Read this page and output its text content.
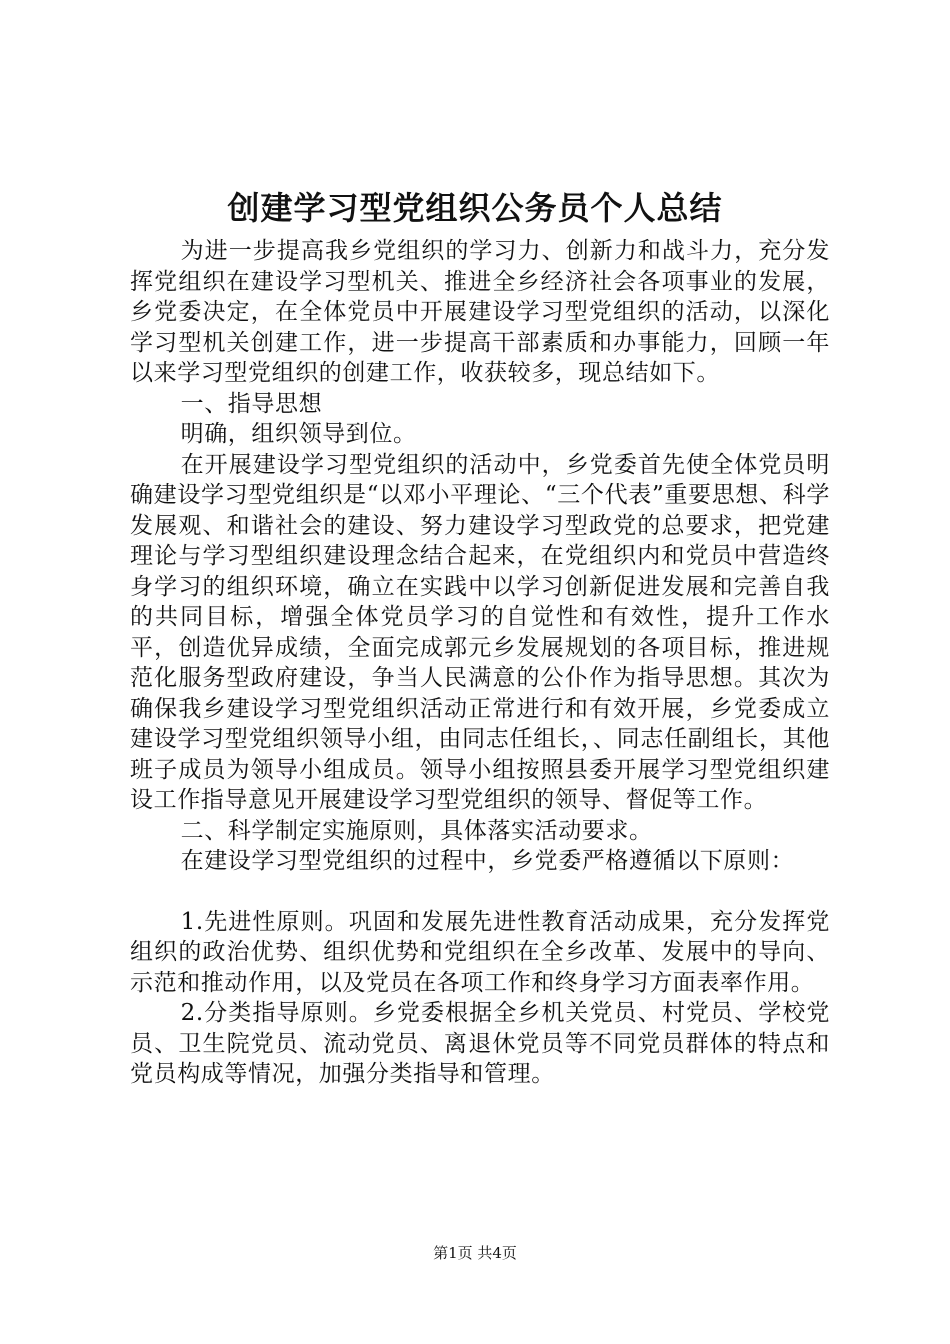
创建学习型党组织公务员个人总结

为进一步提高我乡党组织的学习力、创新力和战斗力，充分发挥党组织在建设学习型机关、推进全乡经济社会各项事业的发展，乡党委决定，在全体党员中开展建设学习型党组织的活动，以深化学习型机关创建工作，进一步提高干部素质和办事能力，回顾一年以来学习型党组织的创建工作，收获较多，现总结如下。

一、指导思想

明确，组织领导到位。

在开展建设学习型党组织的活动中，乡党委首先使全体党员明确建设学习型党组织是“以邓小平理论、“三个代表”重要思想、科学发展观、和谐社会的建设、努力建设学习型政党的总要求，把党建理论与学习型组织建设理念结合起来，在党组织内和党员中营造终身学习的组织环境，确立在实践中以学习创新促进发展和完善自我的共同目标，增强全体党员学习的自觉性和有效性，提升工作水平，创造优异成绩，全面完成郭元乡发展规划的各项目标，推进规范化服务型政府建设，争当人民满意的公仆作为指导思想。其次为确保我乡建设学习型党组织活动正常进行和有效开展，乡党委成立建设学习型党组织领导小组，由同志任组长，、同志任副组长，其他班子成员为领导小组成员。领导小组按照县委开展学习型党组织建设工作指导意见开展建设学习型党组织的领导、督促等工作。

二、科学制定实施原则，具体落实活动要求。

在建设学习型党组织的过程中，乡党委严格遵循以下原则：

1.先进性原则。巩固和发展先进性教育活动成果，充分发挥党组织的政治优势、组织优势和党组织在全乡改革、发展中的导向、示范和推动作用，以及党员在各项工作和终身学习方面表率作用。

2.分类指导原则。乡党委根据全乡机关党员、村党员、学校党员、卫生院党员、流动党员、离退休党员等不同党员群体的特点和党员构成等情况，加强分类指导和管理。

第1页 共4页
